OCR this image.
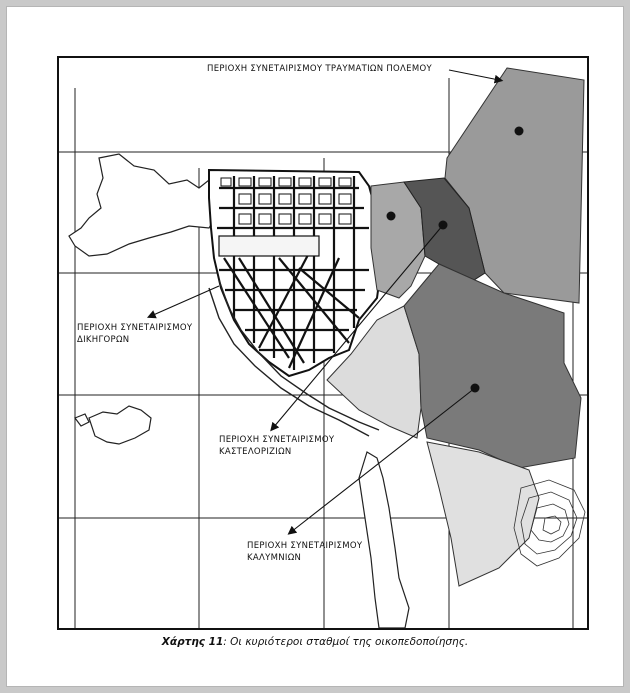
ΠΕΡΙΟΧΗ ΣΥΝΕΤΑΙΡΙΣΜΟΥ ΤΡΑΥΜΑΤΙΩΝ ΠΟΛΕΜΟΥ
ΠΕΡΙΟΧΗ ΣΥΝΕΤΑΙΡΙΣΜΟΥ
ΔΙΚΗΓΟΡΩΝ
ΠΕΡΙΟΧΗ ΣΥΝΕΤΑΙΡΙΣΜΟΥ
ΚΑΣΤΕΛΟΡΙΖΙΩΝ
ΠΕΡΙΟΧΗ ΣΥΝΕΤΑΙΡΙΣΜΟΥ
ΚΑΛΥΜΝΙΩΝ
Χάρτης 11: Οι κυριότεροι σταθμοί της οικοπεδοποίησης.
